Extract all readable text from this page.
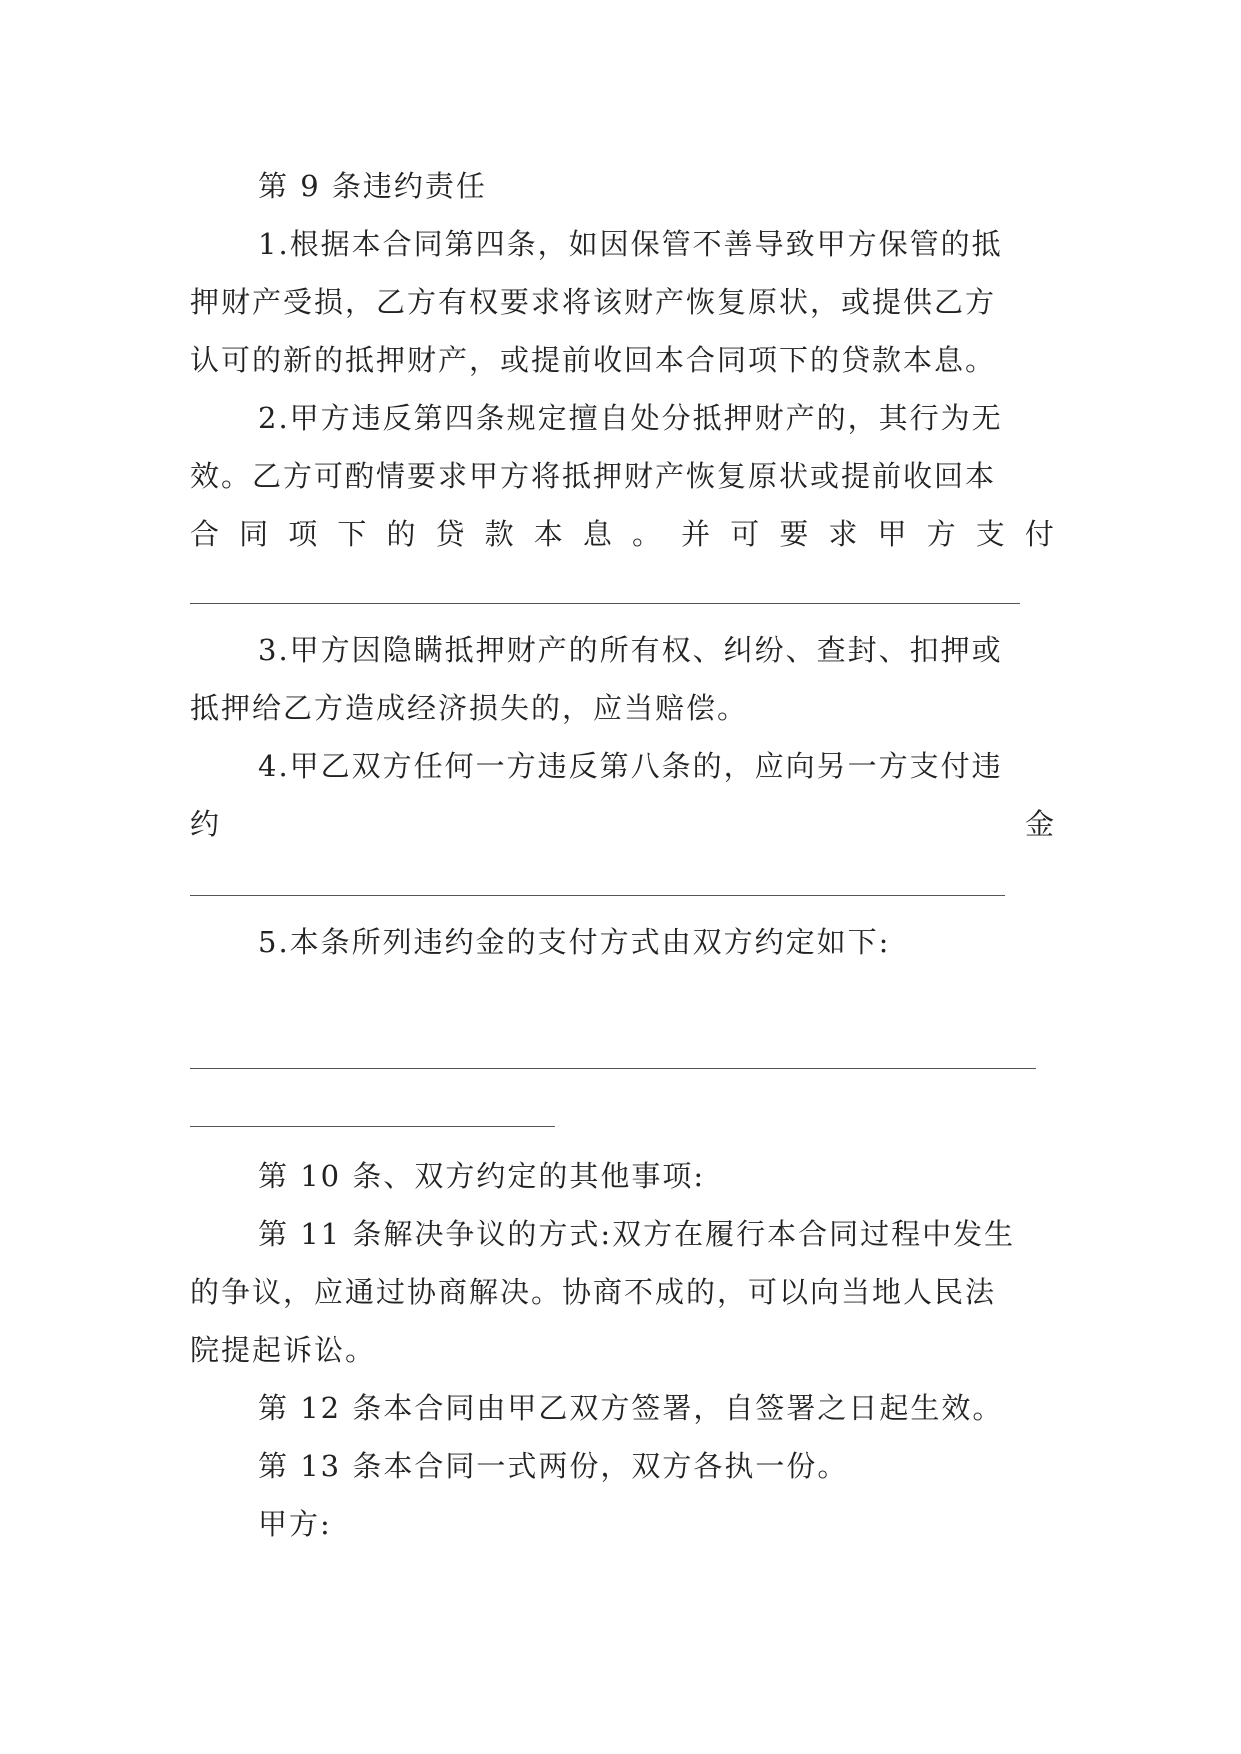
第 9 条违约责任
1.根据本合同第四条，如因保管不善导致甲方保管的抵
押财产受损，乙方有权要求将该财产恢复原状，或提供乙方
认可的新的抵押财产，或提前收回本合同项下的贷款本息。
2.甲方违反第四条规定擅自处分抵押财产的，其行为无
效。乙方可酌情要求甲方将抵押财产恢复原状或提前收回本
合 同 项 下 的 贷 款 本 息 。 并 可 要 求 甲 方 支 付
3.甲方因隐瞒抵押财产的所有权、纠纷、查封、扣押或
抵押给乙方造成经济损失的，应当赔偿。
4.甲乙双方任何一方违反第八条的，应向另一方支付违
约	金
5.本条所列违约金的支付方式由双方约定如下:
第 10 条、双方约定的其他事项:
第 11 条解决争议的方式:双方在履行本合同过程中发生
的争议，应通过协商解决。协商不成的，可以向当地人民法
院提起诉讼。
第 12 条本合同由甲乙双方签署，自签署之日起生效。
第 13 条本合同一式两份，双方各执一份。
甲方:
